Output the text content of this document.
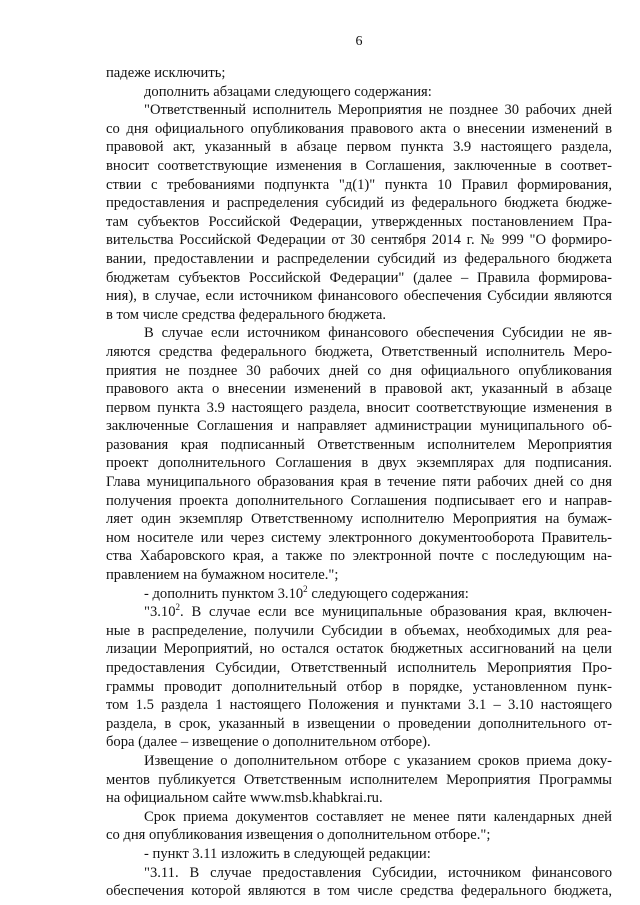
6
падеже исключить;
дополнить абзацами следующего содержания:
"Ответственный исполнитель Мероприятия не позднее 30 рабочих дней
со дня официального опубликования правового акта о внесении изменений в
правовой акт, указанный в абзаце первом пункта 3.9 настоящего раздела,
вносит соответствующие изменения в Соглашения, заключенные в соответ-
ствии с требованиями подпункта "д(1)" пункта 10 Правил формирования,
предоставления и распределения субсидий из федерального бюджета бюдже-
там субъектов Российской Федерации, утвержденных постановлением Пра-
вительства Российской Федерации от 30 сентября 2014 г. № 999 "О формиро-
вании, предоставлении и распределении субсидий из федерального бюджета
бюджетам субъектов Российской Федерации" (далее – Правила формирова-
ния), в случае, если источником финансового обеспечения Субсидии являются
в том числе средства федерального бюджета.
В случае если источником финансового обеспечения Субсидии не яв-
ляются средства федерального бюджета, Ответственный исполнитель Меро-
приятия не позднее 30 рабочих дней со дня официального опубликования
правового акта о внесении изменений в правовой акт, указанный в абзаце
первом пункта 3.9 настоящего раздела, вносит соответствующие изменения в
заключенные Соглашения и направляет администрации муниципального об-
разования края подписанный Ответственным исполнителем Мероприятия
проект дополнительного Соглашения в двух экземплярах для подписания.
Глава муниципального образования края в течение пяти рабочих дней со дня
получения проекта дополнительного Соглашения подписывает его и направ-
ляет один экземпляр Ответственному исполнителю Мероприятия на бумаж-
ном носителе или через систему электронного документооборота Правитель-
ства Хабаровского края, а также по электронной почте с последующим на-
правлением на бумажном носителе.";
- дополнить пунктом 3.10$^2$ следующего содержания:
"3.10$^2$. В случае если все муниципальные образования края, включен-
ные в распределение, получили Субсидии в объемах, необходимых для реа-
лизации Мероприятий, но остался остаток бюджетных ассигнований на цели
предоставления Субсидии, Ответственный исполнитель Мероприятия Про-
граммы проводит дополнительный отбор в порядке, установленном пунк-
том 1.5 раздела 1 настоящего Положения и пунктами 3.1 – 3.10 настоящего
раздела, в срок, указанный в извещении о проведении дополнительного от-
бора (далее – извещение о дополнительном отборе).
Извещение о дополнительном отборе с указанием сроков приема доку-
ментов публикуется Ответственным исполнителем Мероприятия Программы
на официальном сайте www.msb.khabkrai.ru.
Срок приема документов составляет не менее пяти календарных дней
со дня опубликования извещения о дополнительном отборе.";
- пункт 3.11 изложить в следующей редакции:
"3.11. В случае предоставления Субсидии, источником финансового
обеспечения которой являются в том числе средства федерального бюджета,
